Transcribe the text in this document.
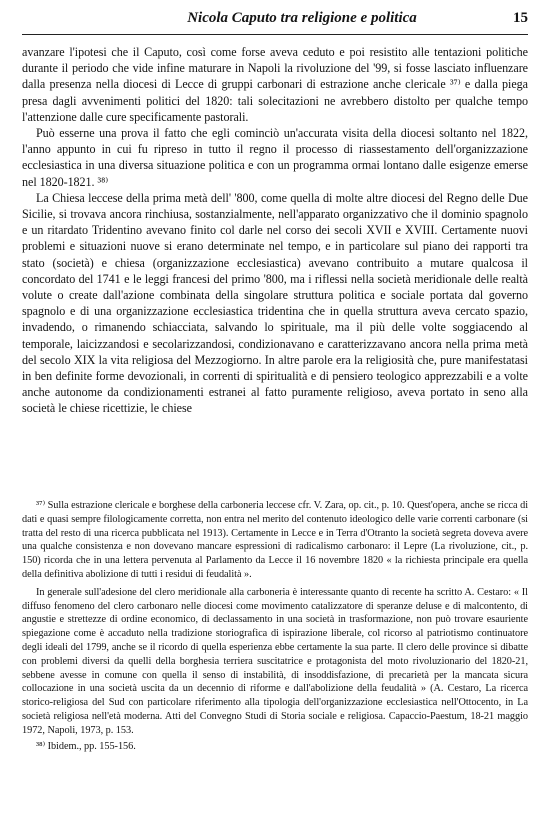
Nicola Caputo tra religione e politica	15

avanzare l'ipotesi che il Caputo, così come forse aveva ceduto e poi resistito alle tentazioni politiche durante il periodo che vide infine maturare in Napoli la rivoluzione del '99, si fosse lasciato influenzare dalla presenza nella diocesi di Lecce di gruppi carbonari di estrazione anche clericale ³⁷⁾ e dalla piega presa dagli avvenimenti politici del 1820: tali solecitazioni ne avrebbero distolto per qualche tempo l'attenzione dalle cure specificamente pastorali.

Può esserne una prova il fatto che egli cominciò un'accurata visita della diocesi soltanto nel 1822, l'anno appunto in cui fu ripreso in tutto il regno il processo di riassestamento dell'organizzazione ecclesiastica in una diversa situazione politica e con un programma ormai lontano dalle esigenze emerse nel 1820-1821. ³⁸⁾

La Chiesa leccese della prima metà dell' '800, come quella di molte altre diocesi del Regno delle Due Sicilie, si trovava ancora rinchiusa, sostanzialmente, nell'apparato organizzativo che il dominio spagnolo e un ritardato Tridentino avevano finito col darle nel corso dei secoli XVII e XVIII. Certamente nuovi problemi e situazioni nuove si erano determinate nel tempo, e in particolare sul piano dei rapporti tra stato (società) e chiesa (organizzazione ecclesiastica) avevano contribuito a mutare qualcosa il concordato del 1741 e le leggi francesi del primo '800, ma i riflessi nella società meridionale delle realtà volute o create dall'azione combinata della singolare struttura politica e sociale portata dal governo spagnolo e di una organizzazione ecclesiastica tridentina che in quella struttura aveva cercato spazio, invadendo, o rimanendo schiacciata, salvando lo spirituale, ma il più delle volte soggiacendo al temporale, laicizzandosi e secolarizzandosi, condizionavano e caratterizzavano ancora nella prima metà del secolo XIX la vita religiosa del Mezzogiorno. In altre parole era la religiosità che, pure manifestatasi in ben definite forme devozionali, in correnti di spiritualità e di pensiero teologico apprezzabili e a volte anche autonome da condizionamenti estranei al fatto puramente religioso, aveva portato in seno alla società le chiese ricettizie, le chiese

³⁷⁾ Sulla estrazione clericale e borghese della carboneria leccese cfr. V. Zara, op. cit., p. 10. Quest'opera, anche se ricca di dati e quasi sempre filologicamente corretta, non entra nel merito del contenuto ideologico delle varie correnti carbonare (si tratta del resto di una ricerca pubblicata nel 1913). Certamente in Lecce e in Terra d'Otranto la società segreta doveva avere una qualche consistenza e non dovevano mancare espressioni di radicalismo carbonaro: il Lepre (La rivoluzione, cit., p. 150) ricorda che in una lettera pervenuta al Parlamento da Lecce il 16 novembre 1820 « la richiesta principale era quella della definitiva abolizione di tutti i residui di feudalità ».

In generale sull'adesione del clero meridionale alla carboneria è interessante quanto di recente ha scritto A. Cestaro: « Il diffuso fenomeno del clero carbonaro nelle diocesi come movimento catalizzatore di speranze deluse e di malcontento, di angustie e strettezze di ordine economico, di declassamento in una società in trasformazione, non può trovare esauriente spiegazione come è accaduto nella tradizione storiografica di ispirazione liberale, col ricorso al patriotismo continuatore degli ideali del 1799, anche se il ricordo di quella esperienza ebbe certamente la sua parte. Il clero delle province si dibatte con problemi diversi da quelli della borghesia terriera suscitatrice e protagonista del moto rivoluzionario del 1820-21, sebbene avesse in comune con quella il senso di instabilità, di insoddisfazione, di precarietà per la mancata sicura collocazione in una società uscita da un decennio di riforme e dall'abolizione della feudalità » (A. Cestaro, La ricerca storico-religiosa del Sud con particolare riferimento alla tipologia dell'organizzazione ecclesiastica nell'Ottocento, in La società religiosa nell'età moderna. Atti del Convegno Studi di Storia sociale e religiosa. Capaccio-Paestum, 18-21 maggio 1972, Napoli, 1973, p. 153.

³⁸⁾ Ibidem., pp. 155-156.
